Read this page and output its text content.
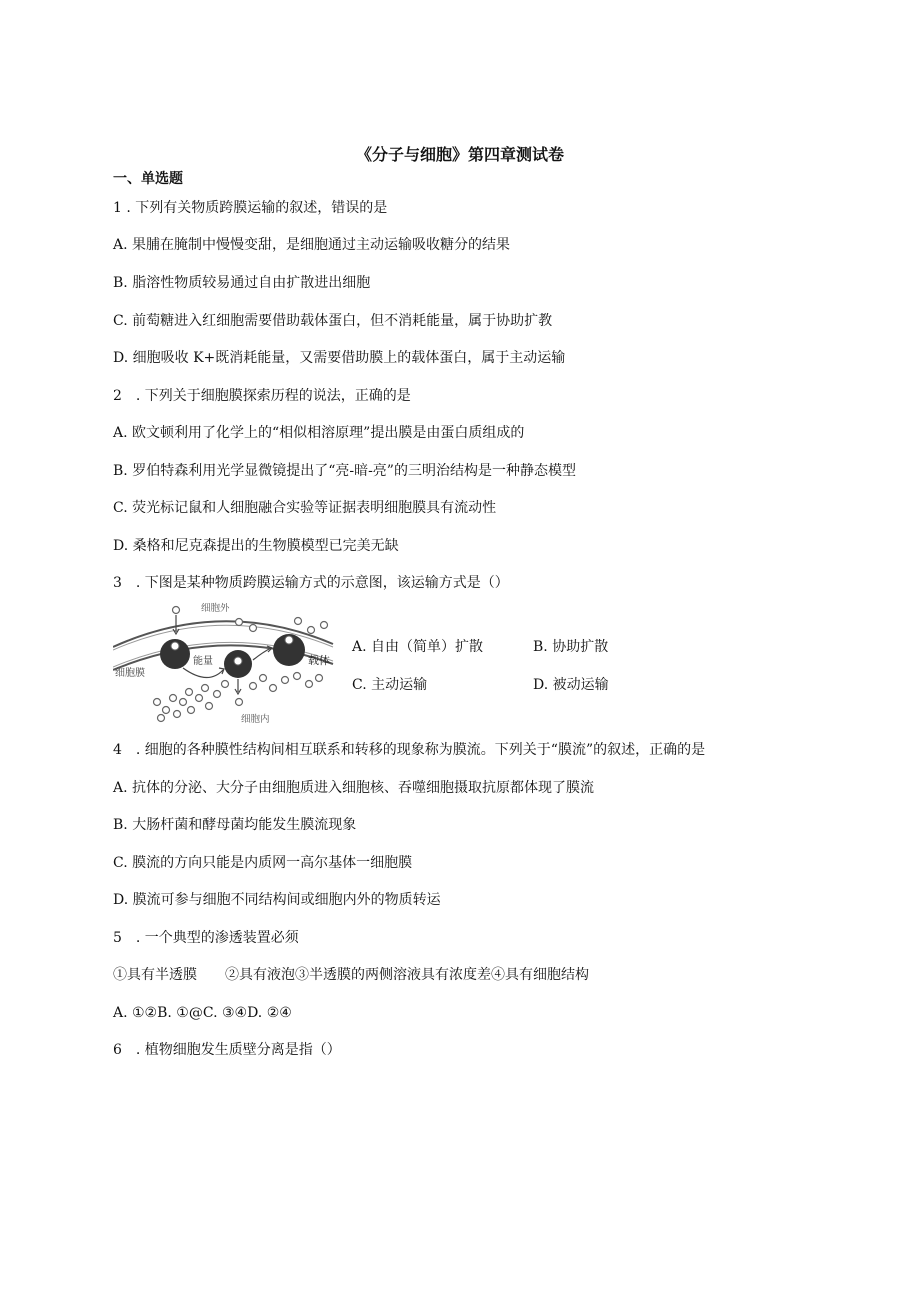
《分子与细胞》第四章测试卷
一、单选题
1 . 下列有关物质跨膜运输的叙述，错误的是
A. 果脯在腌制中慢慢变甜，是细胞通过主动运输吸收糖分的结果
B. 脂溶性物质较易通过自由扩散进出细胞
C. 前萄糖进入红细胞需要借助载体蛋白，但不消耗能量，属于协助扩教
D. 细胞吸收 K+既消耗能量，又需要借助膜上的载体蛋白，属于主动运输
2　. 下列关于细胞膜探索历程的说法，正确的是
A. 欧文顿利用了化学上的“相似相溶原理”提出膜是由蛋白质组成的
B. 罗伯特森利用光学显微镜提出了“亮-暗-亮”的三明治结构是一种静态模型
C. 荧光标记鼠和人细胞融合实验等证据表明细胞膜具有流动性
D. 桑格和尼克森提出的生物膜模型已完美无缺
3　. 下图是某种物质跨膜运输方式的示意图，该运输方式是（）
细胞外
细胞膜
能量	载体
细胞内
A. 自由（简单）扩散	B. 协助扩散
C. 主动运输	D. 被动运输
4　. 细胞的各种膜性结构间相互联系和转移的现象称为膜流。下列关于“膜流”的叙述，正确的是
A. 抗体的分泌、大分子由细胞质进入细胞核、吞噬细胞摄取抗原都体现了膜流
B. 大肠杆菌和酵母菌均能发生膜流现象
C. 膜流的方向只能是内质网一高尔基体一细胞膜
D. 膜流可参与细胞不同结构间或细胞内外的物质转运
5　. 一个典型的渗透装置必须
①具有半透膜　　②具有液泡③半透膜的两侧溶液具有浓度差④具有细胞结构
A. ①②B. ①@C. ③④D. ②④
6　. 植物细胞发生质壁分离是指（）
